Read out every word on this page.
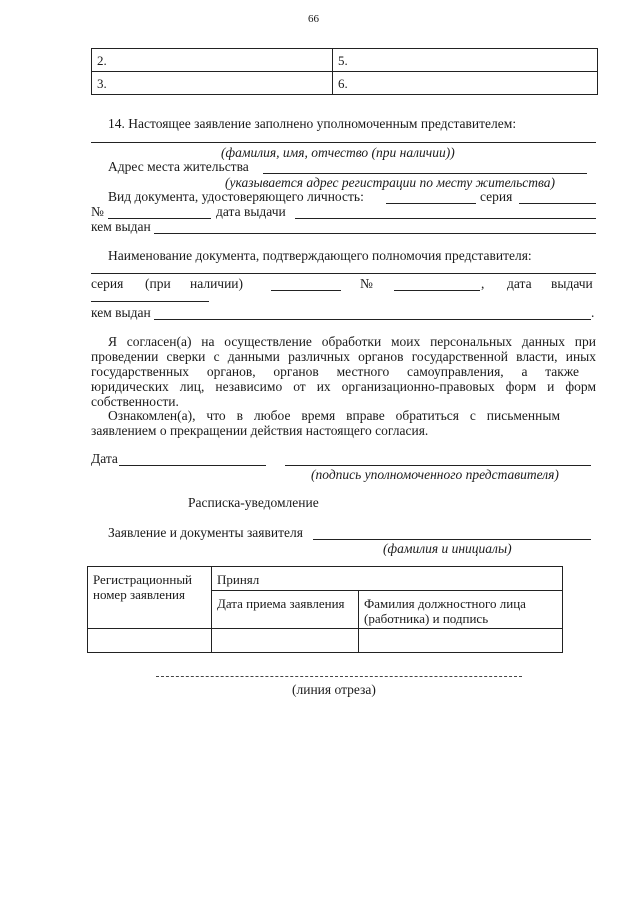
66
2.	5.
3.	6.
14. Настоящее заявление заполнено уполномоченным представителем:
(фамилия, имя, отчество (при наличии))
Адрес места жительства
(указывается адрес регистрации по месту жительства)
Вид документа, удостоверяющего личность:	серия
№	дата выдачи
кем выдан
Наименование документа, подтверждающего полномочия представителя:
серия (при наличии)	№	, дата выдачи
кем выдан	.
Я согласен(а) на осуществление обработки моих персональных данных при
проведении сверки с данными различных органов государственной власти, иных
государственных органов, органов местного самоуправления, а также
юридических лиц, независимо от их организационно-правовых форм и форм
собственности.
Ознакомлен(а), что в любое время вправе обратиться с письменным
заявлением о прекращении действия настоящего согласия.
Дата
(подпись уполномоченного представителя)
Расписка-уведомление
Заявление и документы заявителя
(фамилия и инициалы)
Регистрационный номер заявления	Принял	
	Дата приема заявления	Фамилия должностного лица (работника) и подпись

(линия отреза)
